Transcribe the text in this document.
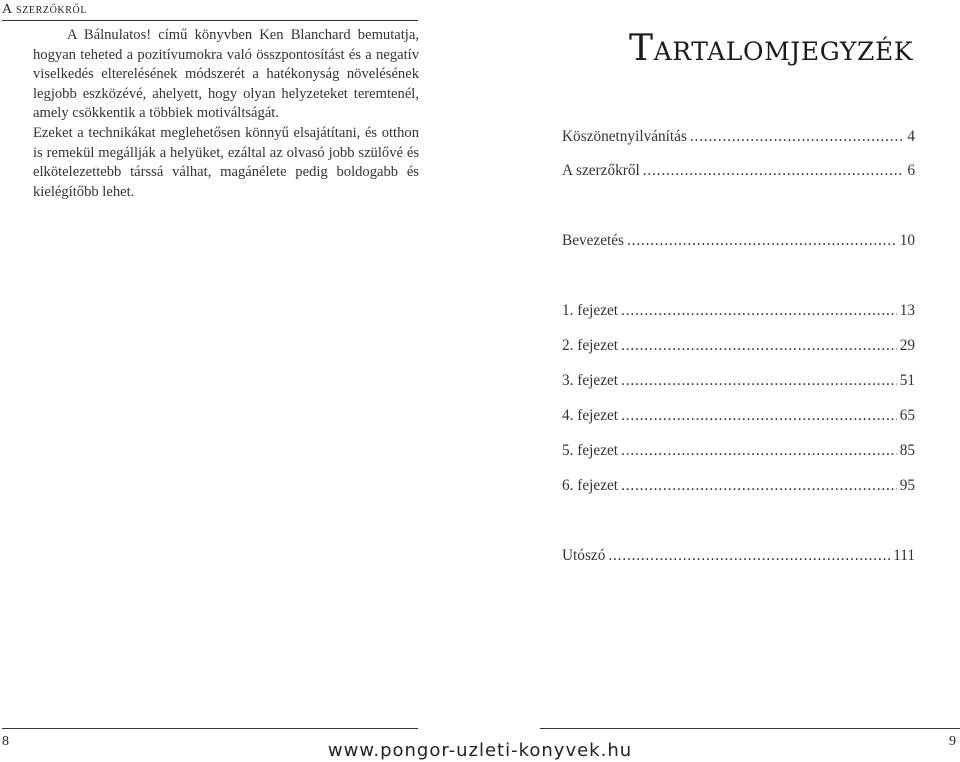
A szerzőkről

A Bálnulatos! című könyvben Ken Blanchard bemutatja, hogyan teheted a pozitívumokra való összpontosítást és a negatív viselkedés elterelésének módszerét a hatékonyság növelésének legjobb eszközévé, ahelyett, hogy olyan helyzeteket teremtenél, amely csökkentik a többiek motiváltságát.

Ezeket a technikákat meglehetősen könnyű elsajátítani, és otthon is remekül megállják a helyüket, ezáltal az olvasó jobb szülővé és elkötelezettebb társsá válhat, magánélete pedig boldogabb és kielégítőbb lehet.

Tartalomjegyzék
Köszönetnyilvánítás . . .	4
A szerzőkről . . .	6
Bevezetés . . .	10
1. fejezet . . .	13
2. fejezet . . .	29
3. fejezet . . .	51
4. fejezet . . .	65
5. fejezet . . .	85
6. fejezet . . .	95
Utószó . . .	111
8	9
www.pongor-uzleti-konyvek.hu
